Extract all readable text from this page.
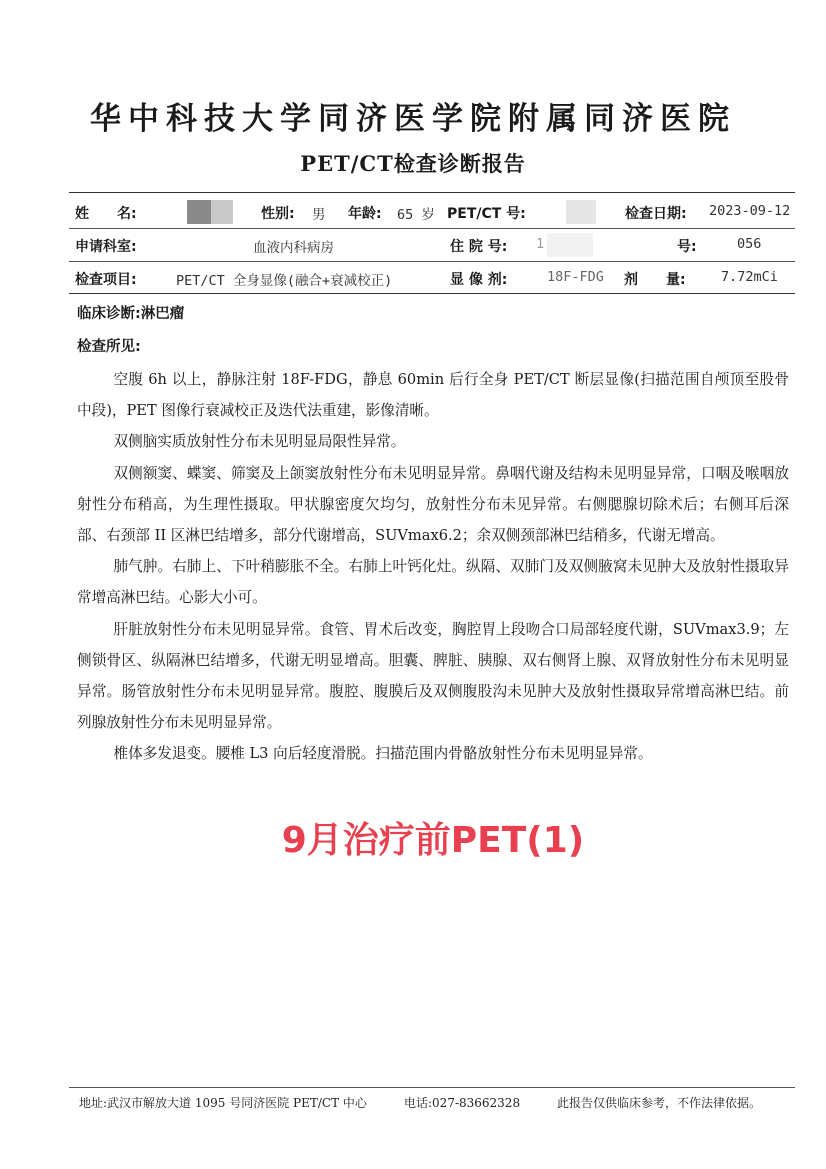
华中科技大学同济医学院附属同济医院
PET/CT检查诊断报告
姓　　名:	性别: 男 年龄: 65 岁 PET/CT 号:	检查日期: 2023-09-12
申请科室:	血液内科病房	住 院 号: 1	号:	056
检查项目:	PET/CT 全身显像(融合+衰减校正)	显 像 剂:	18F-FDG 剂　　量:	7.72mCi
临床诊断:淋巴瘤
检查所见:

空腹 6h 以上，静脉注射 18F-FDG，静息 60min 后行全身 PET/CT 断层显像(扫描范围自颅顶至股骨中段)，PET 图像行衰减校正及迭代法重建，影像清晰。

双侧脑实质放射性分布未见明显局限性异常。

双侧额窦、蝶窦、筛窦及上颌窦放射性分布未见明显异常。鼻咽代谢及结构未见明显异常，口咽及喉咽放射性分布稍高，为生理性摄取。甲状腺密度欠均匀，放射性分布未见异常。右侧腮腺切除术后；右侧耳后深部、右颈部 II 区淋巴结增多，部分代谢增高，SUVmax6.2；余双侧颈部淋巴结稍多，代谢无增高。

肺气肿。右肺上、下叶稍膨胀不全。右肺上叶钙化灶。纵隔、双肺门及双侧腋窝未见肿大及放射性摄取异常增高淋巴结。心影大小可。

肝脏放射性分布未见明显异常。食管、胃术后改变，胸腔胃上段吻合口局部轻度代谢，SUVmax3.9；左侧锁骨区、纵隔淋巴结增多，代谢无明显增高。胆囊、脾脏、胰腺、双右侧肾上腺、双肾放射性分布未见明显异常。肠管放射性分布未见明显异常。腹腔、腹膜后及双侧腹股沟未见肿大及放射性摄取异常增高淋巴结。前列腺放射性分布未见明显异常。

椎体多发退变。腰椎 L3 向后轻度滑脱。扫描范围内骨骼放射性分布未见明显异常。

9月治疗前PET(1)
地址:武汉市解放大道 1095 号同济医院 PET/CT 中心	电话:027-83662328	此报告仅供临床参考，不作法律依据。
